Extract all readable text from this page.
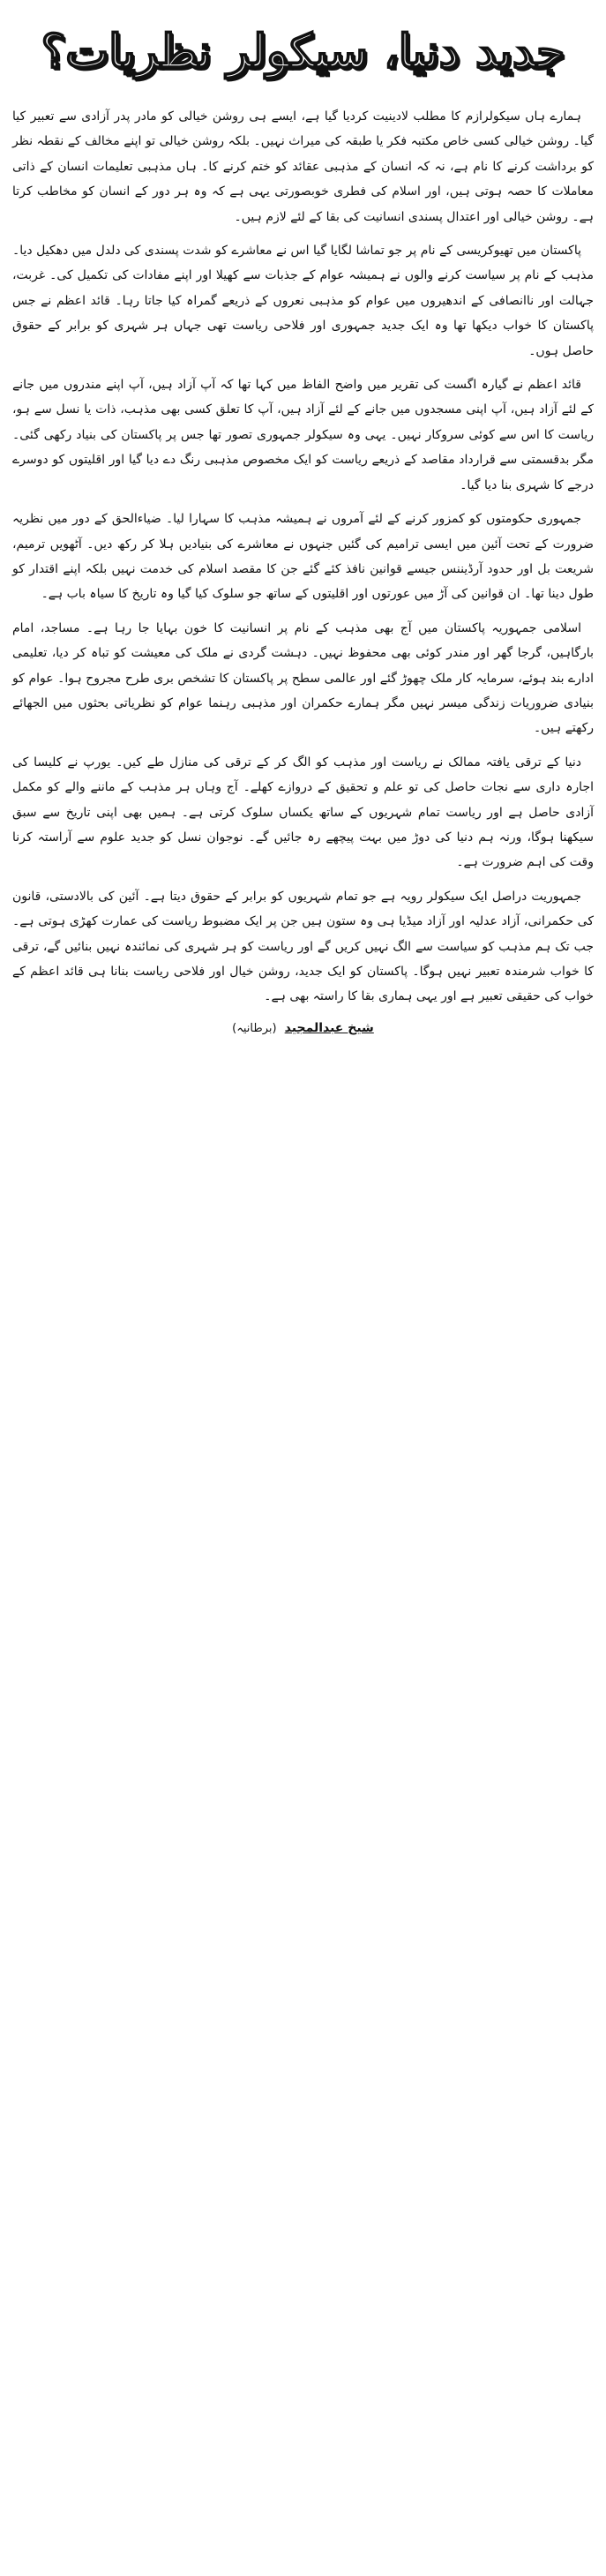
جدید دنیا، سیکولر نظریات؟

ہمارے ہاں سیکولرازم کا مطلب لادینیت کردیا گیا ہے، ایسے ہی روشن خیالی کو مادر پدر آزادی سے تعبیر کیا گیا۔ روشن خیالی کسی خاص مکتبہ فکر یا طبقہ کی میراث نہیں۔ بلکہ روشن خیالی تو اپنے مخالف کے نقطہ نظر کو برداشت کرنے کا نام ہے، نہ کہ انسان کے مذہبی عقائد کو ختم کرنے کا۔ ہاں مذہبی تعلیمات انسان کے ذاتی معاملات کا حصہ ہوتی ہیں، اور اسلام کی فطری خوبصورتی یہی ہے کہ وہ ہر دور کے انسان کو مخاطب کرتا ہے۔ روشن خیالی اور اعتدال پسندی انسانیت کی بقا کے لئے لازم ہیں۔

پاکستان میں تھیوکریسی کے نام پر جو تماشا لگایا گیا اس نے معاشرے کو شدت پسندی کی دلدل میں دھکیل دیا۔ مذہب کے نام پر سیاست کرنے والوں نے ہمیشہ عوام کے جذبات سے کھیلا اور اپنے مفادات کی تکمیل کی۔ غربت، جہالت اور ناانصافی کے اندھیروں میں عوام کو مذہبی نعروں کے ذریعے گمراہ کیا جاتا رہا۔ قائد اعظم نے جس پاکستان کا خواب دیکھا تھا وہ ایک جدید جمہوری اور فلاحی ریاست تھی جہاں ہر شہری کو برابر کے حقوق حاصل ہوں۔

قائد اعظم نے گیارہ اگست کی تقریر میں واضح الفاظ میں کہا تھا کہ آپ آزاد ہیں، آپ اپنے مندروں میں جانے کے لئے آزاد ہیں، آپ اپنی مسجدوں میں جانے کے لئے آزاد ہیں، آپ کا تعلق کسی بھی مذہب، ذات یا نسل سے ہو، ریاست کا اس سے کوئی سروکار نہیں۔ یہی وہ سیکولر جمہوری تصور تھا جس پر پاکستان کی بنیاد رکھی گئی۔ مگر بدقسمتی سے قرارداد مقاصد کے ذریعے ریاست کو ایک مخصوص مذہبی رنگ دے دیا گیا اور اقلیتوں کو دوسرے درجے کا شہری بنا دیا گیا۔

جمہوری حکومتوں کو کمزور کرنے کے لئے آمروں نے ہمیشہ مذہب کا سہارا لیا۔ ضیاءالحق کے دور میں نظریہ ضرورت کے تحت آئین میں ایسی ترامیم کی گئیں جنہوں نے معاشرے کی بنیادیں ہلا کر رکھ دیں۔ آٹھویں ترمیم، شریعت بل اور حدود آرڈیننس جیسے قوانین نافذ کئے گئے جن کا مقصد اسلام کی خدمت نہیں بلکہ اپنے اقتدار کو طول دینا تھا۔ ان قوانین کی آڑ میں عورتوں اور اقلیتوں کے ساتھ جو سلوک کیا گیا وہ تاریخ کا سیاہ باب ہے۔

اسلامی جمہوریہ پاکستان میں آج بھی مذہب کے نام پر انسانیت کا خون بہایا جا رہا ہے۔ مساجد، امام بارگاہیں، گرجا گھر اور مندر کوئی بھی محفوظ نہیں۔ دہشت گردی نے ملک کی معیشت کو تباہ کر دیا، تعلیمی ادارے بند ہوئے، سرمایہ کار ملک چھوڑ گئے اور عالمی سطح پر پاکستان کا تشخص بری طرح مجروح ہوا۔ عوام کو بنیادی ضروریات زندگی میسر نہیں مگر ہمارے حکمران اور مذہبی رہنما عوام کو نظریاتی بحثوں میں الجھائے رکھتے ہیں۔

دنیا کے ترقی یافتہ ممالک نے ریاست اور مذہب کو الگ کر کے ترقی کی منازل طے کیں۔ یورپ نے کلیسا کی اجارہ داری سے نجات حاصل کی تو علم و تحقیق کے دروازے کھلے۔ آج وہاں ہر مذہب کے ماننے والے کو مکمل آزادی حاصل ہے اور ریاست تمام شہریوں کے ساتھ یکساں سلوک کرتی ہے۔ ہمیں بھی اپنی تاریخ سے سبق سیکھنا ہوگا، ورنہ ہم دنیا کی دوڑ میں بہت پیچھے رہ جائیں گے۔ نوجوان نسل کو جدید علوم سے آراستہ کرنا وقت کی اہم ضرورت ہے۔

جمہوریت دراصل ایک سیکولر رویہ ہے جو تمام شہریوں کو برابر کے حقوق دیتا ہے۔ آئین کی بالادستی، قانون کی حکمرانی، آزاد عدلیہ اور آزاد میڈیا ہی وہ ستون ہیں جن پر ایک مضبوط ریاست کی عمارت کھڑی ہوتی ہے۔ جب تک ہم مذہب کو سیاست سے الگ نہیں کریں گے اور ریاست کو ہر شہری کی نمائندہ نہیں بنائیں گے، ترقی کا خواب شرمندہ تعبیر نہیں ہوگا۔ پاکستان کو ایک جدید، روشن خیال اور فلاحی ریاست بنانا ہی قائد اعظم کے خواب کی حقیقی تعبیر ہے اور یہی ہماری بقا کا راستہ بھی ہے۔

شیخ عبدالمجید (برطانیہ)
